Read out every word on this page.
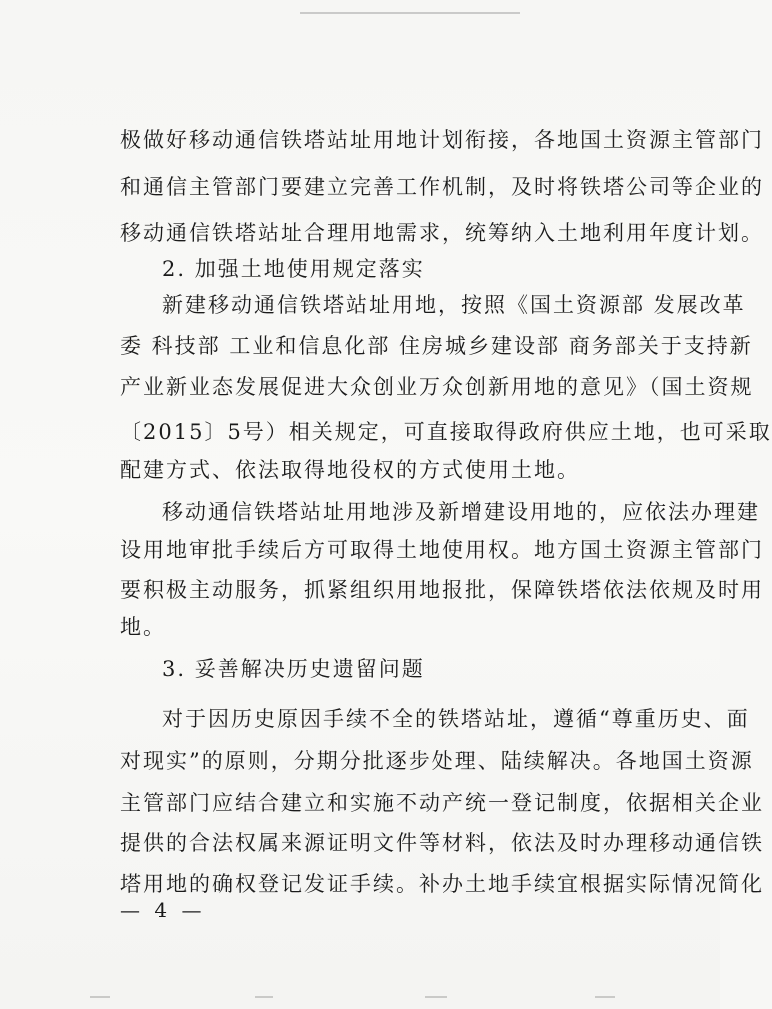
极做好移动通信铁塔站址用地计划衔接，各地国土资源主管部门
和通信主管部门要建立完善工作机制，及时将铁塔公司等企业的
移动通信铁塔站址合理用地需求，统筹纳入土地利用年度计划。
2. 加强土地使用规定落实
新建移动通信铁塔站址用地，按照《国土资源部 发展改革
委 科技部 工业和信息化部 住房城乡建设部 商务部关于支持新
产业新业态发展促进大众创业万众创新用地的意见》（国土资规
〔2015〕5号）相关规定，可直接取得政府供应土地，也可采取
配建方式、依法取得地役权的方式使用土地。
移动通信铁塔站址用地涉及新增建设用地的，应依法办理建
设用地审批手续后方可取得土地使用权。地方国土资源主管部门
要积极主动服务，抓紧组织用地报批，保障铁塔依法依规及时用
地。
3. 妥善解决历史遗留问题
对于因历史原因手续不全的铁塔站址，遵循“尊重历史、面
对现实”的原则，分期分批逐步处理、陆续解决。各地国土资源
主管部门应结合建立和实施不动产统一登记制度，依据相关企业
提供的合法权属来源证明文件等材料，依法及时办理移动通信铁
塔用地的确权登记发证手续。补办土地手续宜根据实际情况简化
— 4 —
